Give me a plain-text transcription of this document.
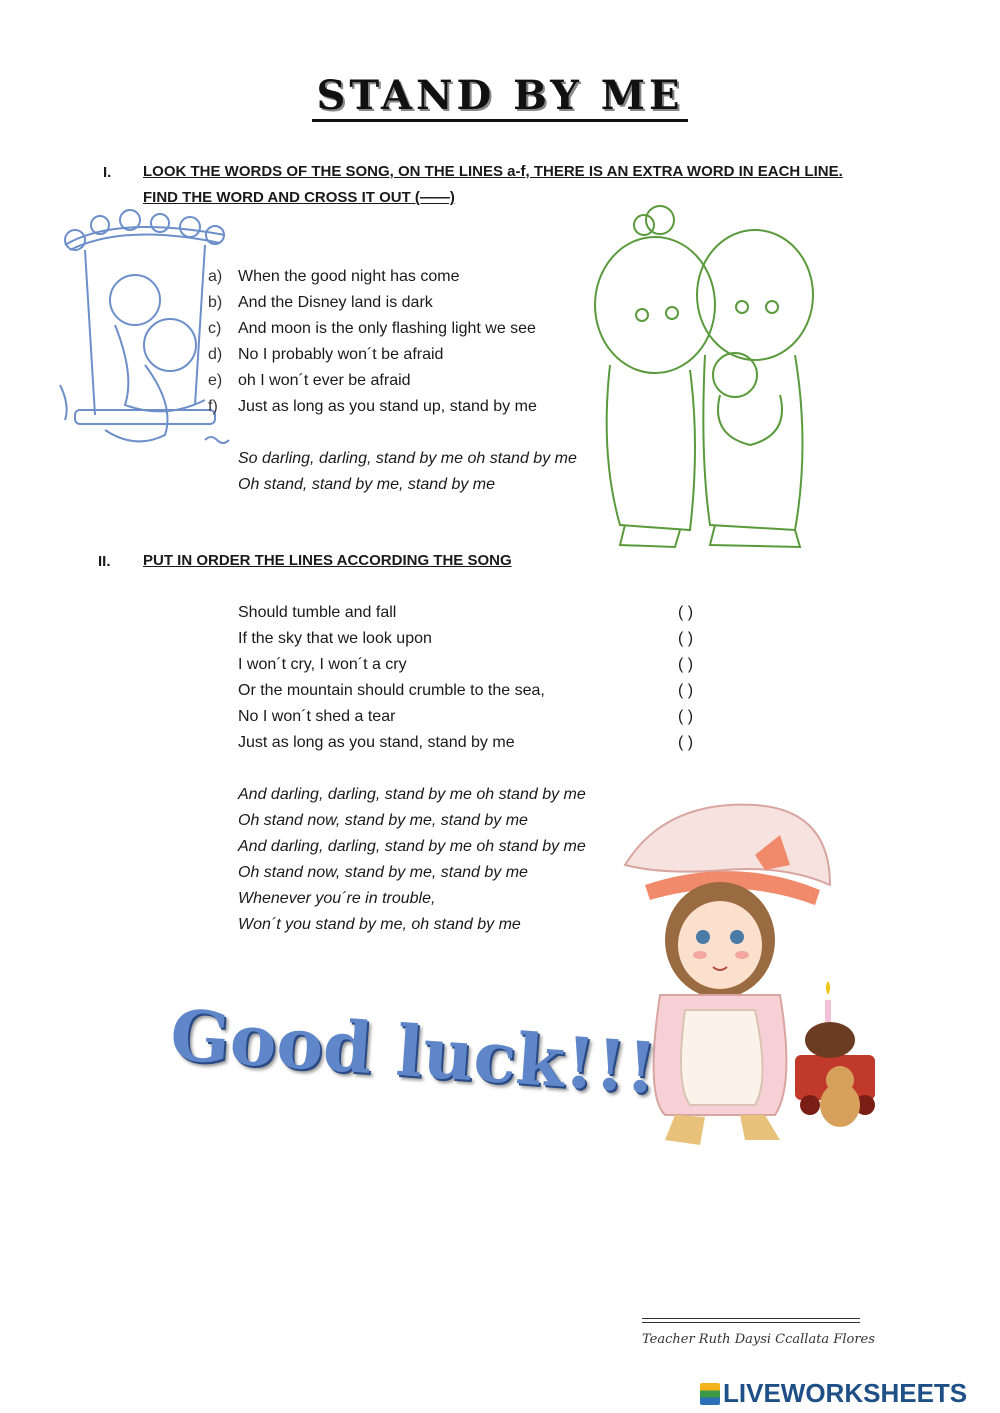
STAND BY ME
I. LOOK THE WORDS OF THE SONG, ON THE LINES a-f, THERE IS AN EXTRA WORD IN EACH LINE.
FIND THE WORD AND CROSS IT OUT (——)
a) When the good night has come
b) And the Disney land is dark
c) And moon is the only flashing light we see
d) No I probably won´t be afraid
e) oh I won´t ever be afraid
f) Just as long as you stand up, stand by me
So darling, darling, stand by me oh stand by me
Oh stand, stand by me, stand by me
II. PUT IN ORDER THE LINES ACCORDING THE SONG
Should tumble and fall	( )
If the sky that we look upon	( )
I won´t cry, I won´t a cry	( )
Or the mountain should crumble to the sea,	( )
No I won´t shed a tear	( )
Just as long as you stand, stand by me	( )
And darling, darling, stand by me oh stand by me
Oh stand now, stand by me, stand by me
And darling, darling, stand by me oh stand by me
Oh stand now, stand by me, stand by me
Whenever you´re in trouble,
Won´t you stand by me, oh stand by me
Good luck!!!
Teacher Ruth Daysi Ccallata Flores
LIVEWORKSHEETS
